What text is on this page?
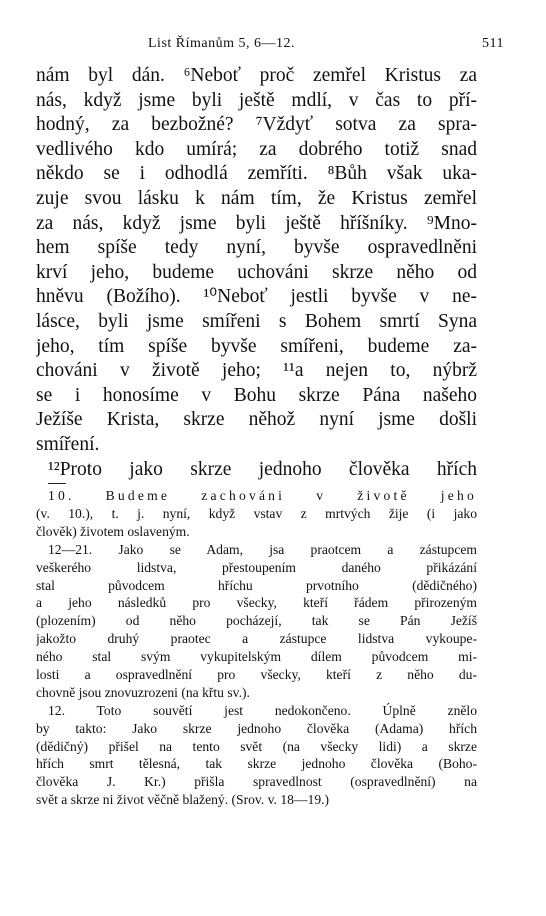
List Římanům 5, 6—12.	511
nám byl dán. ⁶Neboť proč zemřel Kristus za
nás, když jsme byli ještě mdlí, v čas to pří-
hodný, za bezbožné? ⁷Vždyť sotva za spra-
vedlivého kdo umírá; za dobrého totiž snad
někdo se i odhodlá zemříti. ⁸Bůh však uka-
zuje svou lásku k nám tím, že Kristus zemřel
za nás, když jsme byli ještě hříšníky. ⁹Mno-
hem spíše tedy nyní, byvše ospravedlněni
krví jeho, budeme uchováni skrze něho od
hněvu (Božího). ¹⁰Neboť jestli byvše v ne-
lásce, byli jsme smířeni s Bohem smrtí Syna
jeho, tím spíše byvše smířeni, budeme za-
chováni v životě jeho; ¹¹a nejen to, nýbrž
se i honosíme v Bohu skrze Pána našeho
Ježíše Krista, skrze něhož nyní jsme došli
smíření.
¹²Proto jako skrze jednoho člověka hřích
10. Budeme zachováni v životě jeho
(v. 10.), t. j. nyní, když vstav z mrtvých žije (i jako
člověk) životem oslaveným.
12—21. Jako se Adam, jsa praotcem a zástupcem
veškerého lidstva, přestoupením daného přikázání
stal původcem hříchu prvotního (dědičného)
a jeho následků pro všecky, kteří řádem přirozeným
(plozením) od něho pocházejí, tak se Pán Ježíš
jakožto druhý praotec a zástupce lidstva vykoupe-
ného stal svým vykupitelským dílem původcem mi-
losti a ospravedlnění pro všecky, kteří z něho du-
chovně jsou znovuzrozeni (na křtu sv.).
12. Toto souvětí jest nedokončeno. Úplně znělo
by takto: Jako skrze jednoho člověka (Adama) hřích
(dědičný) přišel na tento svět (na všecky lidi) a skrze
hřích smrt tělesná, tak skrze jednoho člověka (Boho-
člověka J. Kr.) přišla spravedlnost (ospravedlnění) na
svět a skrze ni život věčně blažený. (Srov. v. 18—19.)
